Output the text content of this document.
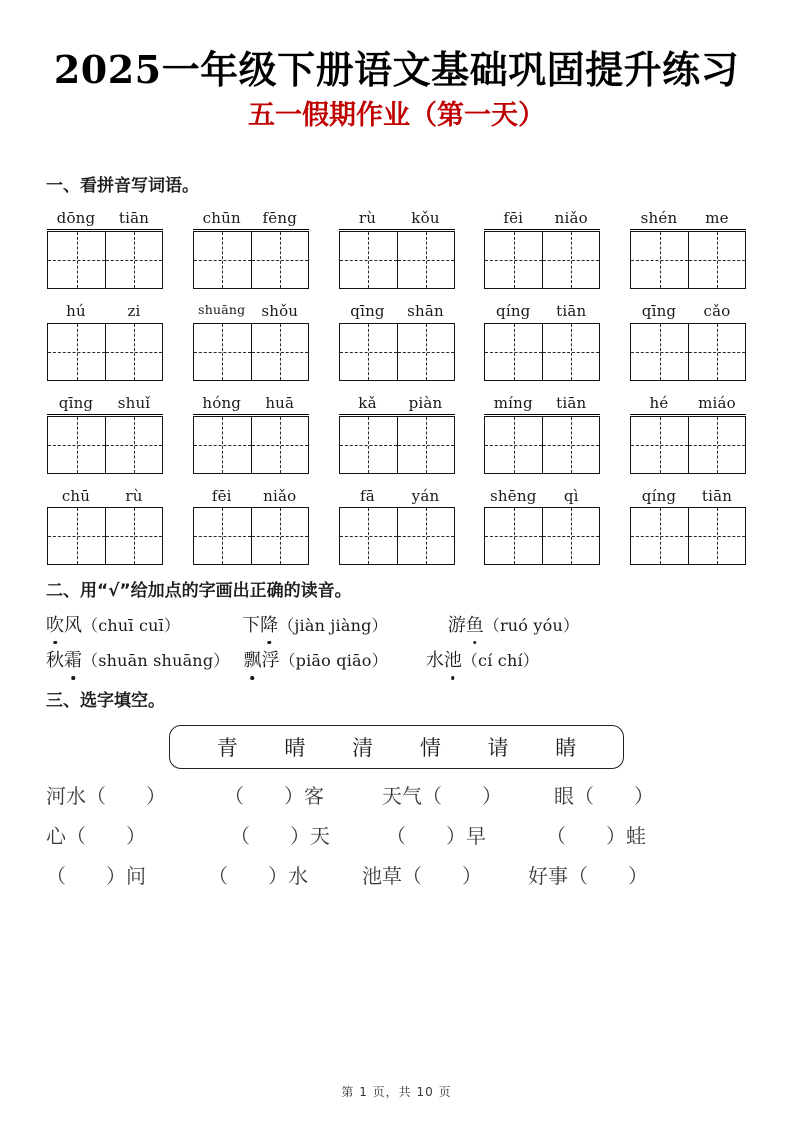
2025一年级下册语文基础巩固提升练习
五一假期作业（第一天）
一、看拼音写词语。
dōng	tiān	chūn	fēng	rù	kǒu	fēi	niǎo	shén	me
hú	zi	shuāng	shǒu	qīng	shān	qíng	tiān	qīng	cǎo
qīng	shuǐ	hóng	huā	kǎ	piàn	míng	tiān	hé	miáo
chū	rù	fēi	niǎo	fā	yán	shēng	qì	qíng	tiān
二、用“√”给加点的字画出正确的读音。
吹风 （chuī cuī）	下降 （jiàn jiàng）	游鱼 （ruó yóu）
秋霜 （shuān shuāng） 飘浮 （piāo qiāo） 水池 （cí chí）
三、选字填空。
青 晴 清 情 请 睛
河水（　　）	（　　）客	天气（　　）	眼（　　）
心（　　）	（　　）天	（　　）早	（　　）蛙
（　　）问	（　　）水	池草（　　） 好事（　　）
第 1 页，共 10 页
